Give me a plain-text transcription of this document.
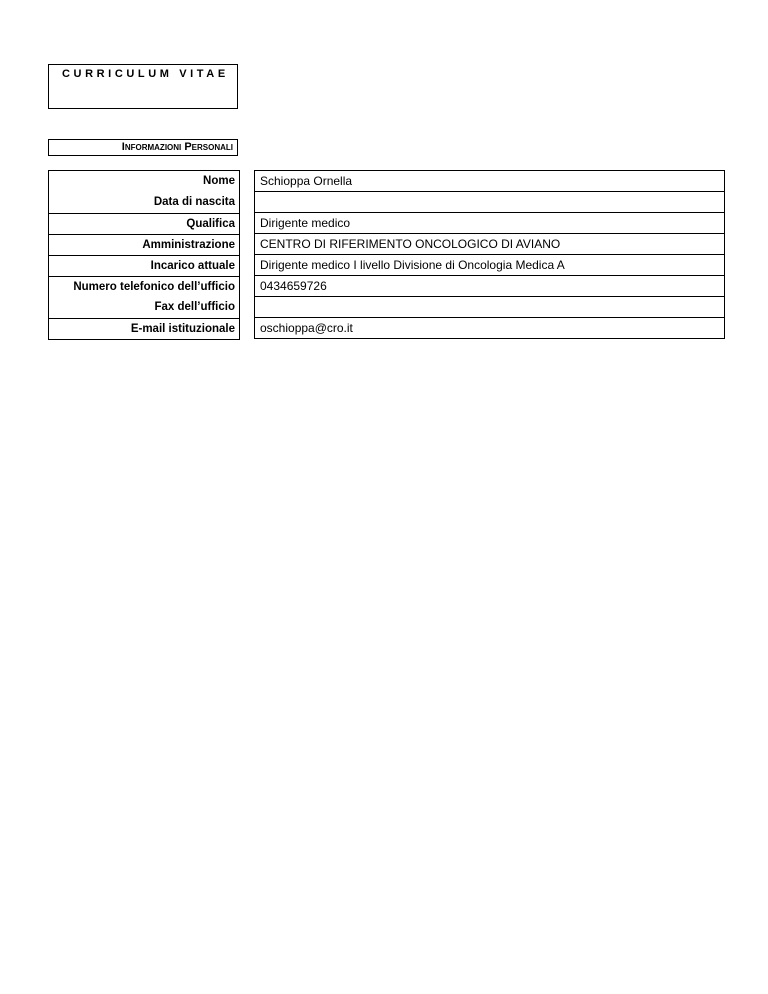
CURRICULUM VITAE
Informazioni Personali
Nome
Data di nascita
Qualifica
Amministrazione
Incarico attuale
Numero telefonico dell’ufficio
Fax dell’ufficio
E-mail istituzionale
Schioppa Ornella
Dirigente medico
CENTRO DI RIFERIMENTO ONCOLOGICO DI AVIANO
Dirigente medico I livello Divisione di Oncologia Medica A
0434659726
oschioppa@cro.it
